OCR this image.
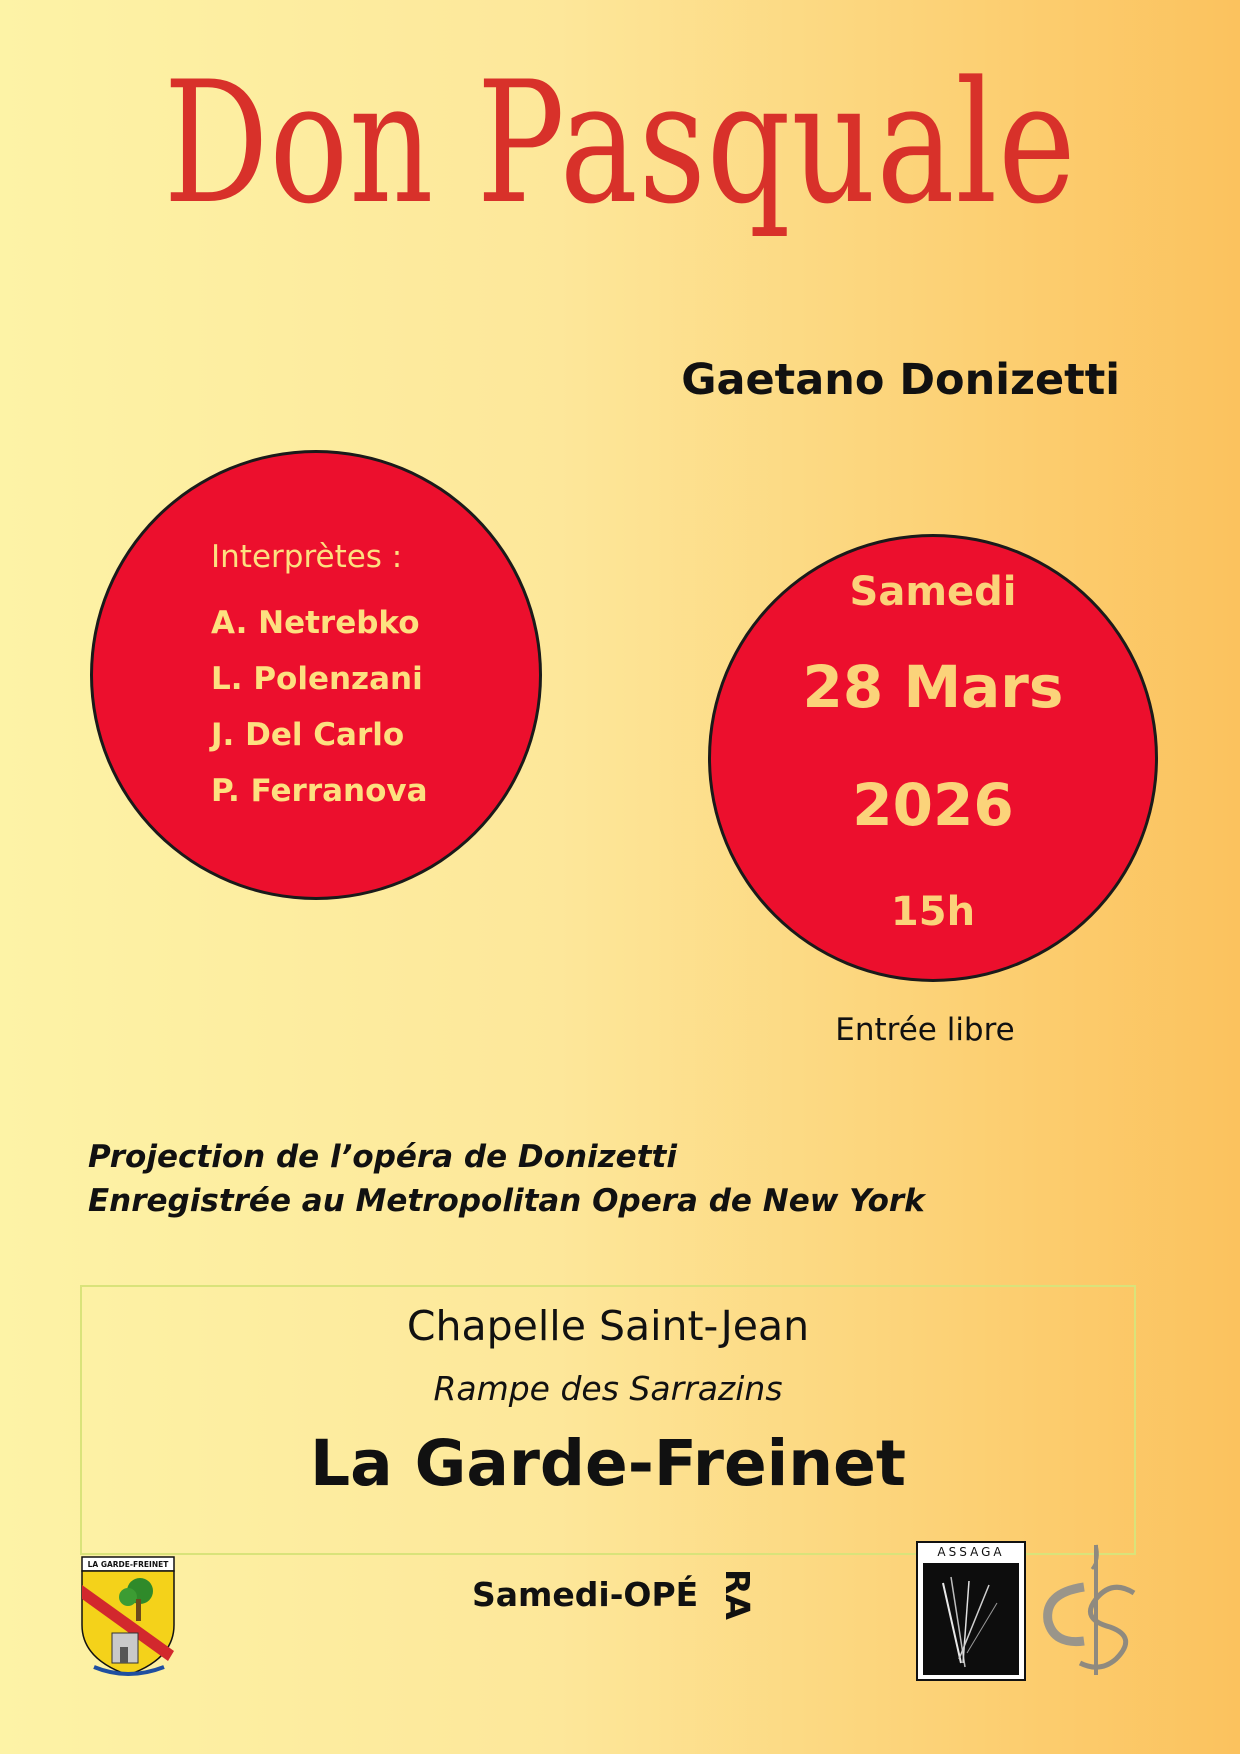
Don Pasquale
Gaetano Donizetti
Interprètes :
A. Netrebko
L. Polenzani
J. Del Carlo
P. Ferranova
Samedi
28 Mars
2026
15h
Entrée libre
Projection de l’opéra de Donizetti
Enregistrée au Metropolitan Opera de New York
Chapelle Saint-Jean
Rampe des Sarrazins
La Garde-Freinet
LA GARDE-FREINET
Samedi-OPÉ RA
ASSAGA
